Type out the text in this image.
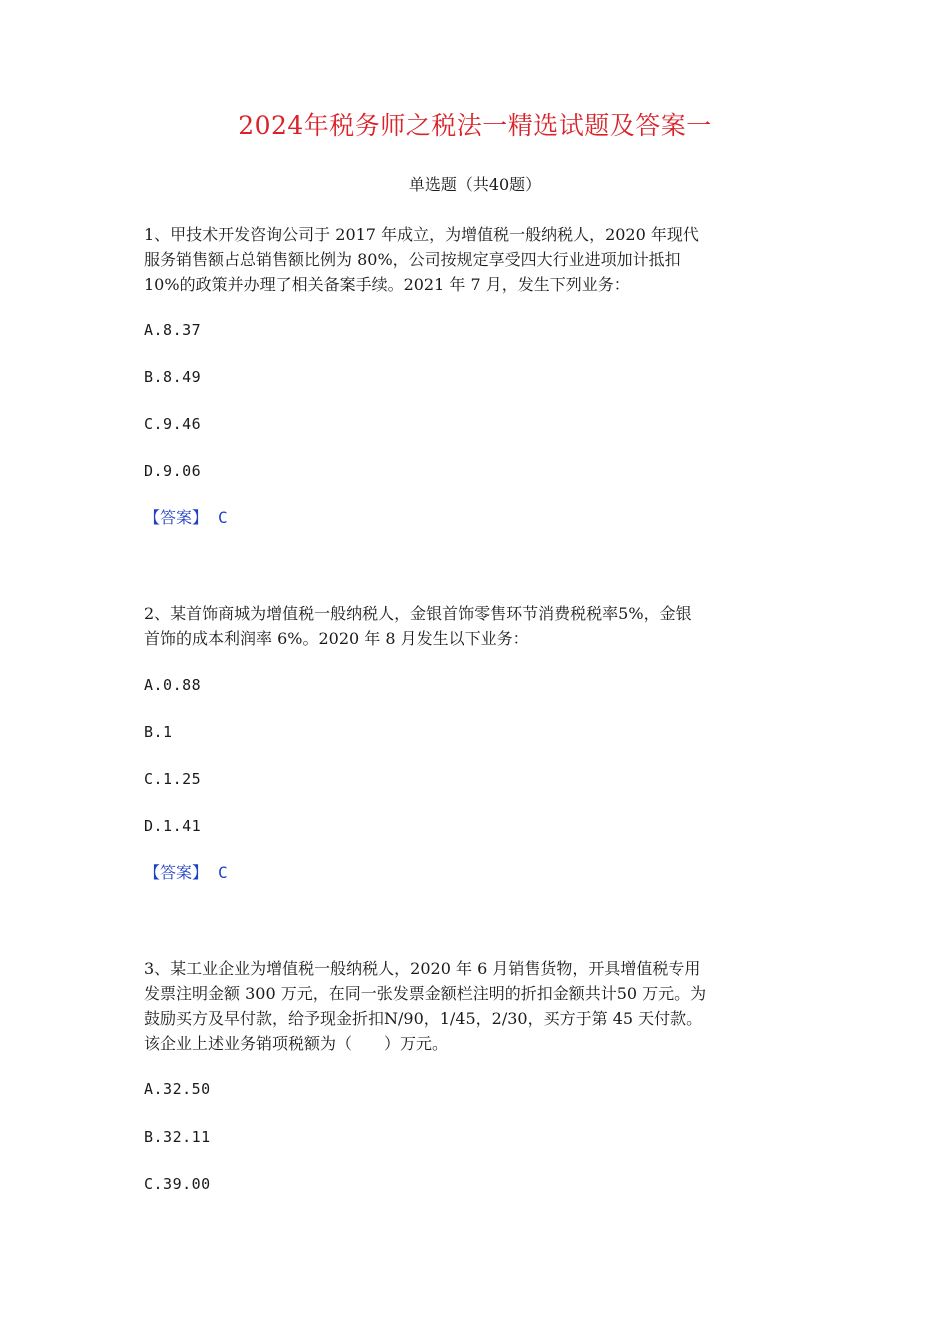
2024年税务师之税法一精选试题及答案一
单选题（共40题）
1、甲技术开发咨询公司于 2017 年成立，为增值税一般纳税人，2020 年现代
服务销售额占总销售额比例为 80%，公司按规定享受四大行业进项加计抵扣
10%的政策并办理了相关备案手续。2021 年 7 月，发生下列业务：
A.8.37
B.8.49
C.9.46
D.9.06
【答案】 C
2、某首饰商城为增值税一般纳税人，金银首饰零售环节消费税税率5%，金银
首饰的成本利润率 6%。2020 年 8 月发生以下业务：
A.0.88
B.1
C.1.25
D.1.41
【答案】 C
3、某工业企业为增值税一般纳税人，2020 年 6 月销售货物，开具增值税专用
发票注明金额 300 万元，在同一张发票金额栏注明的折扣金额共计50 万元。为
鼓励买方及早付款，给予现金折扣N/90，1/45，2/30，买方于第 45 天付款。
该企业上述业务销项税额为（　　）万元。
A.32.50
B.32.11
C.39.00
